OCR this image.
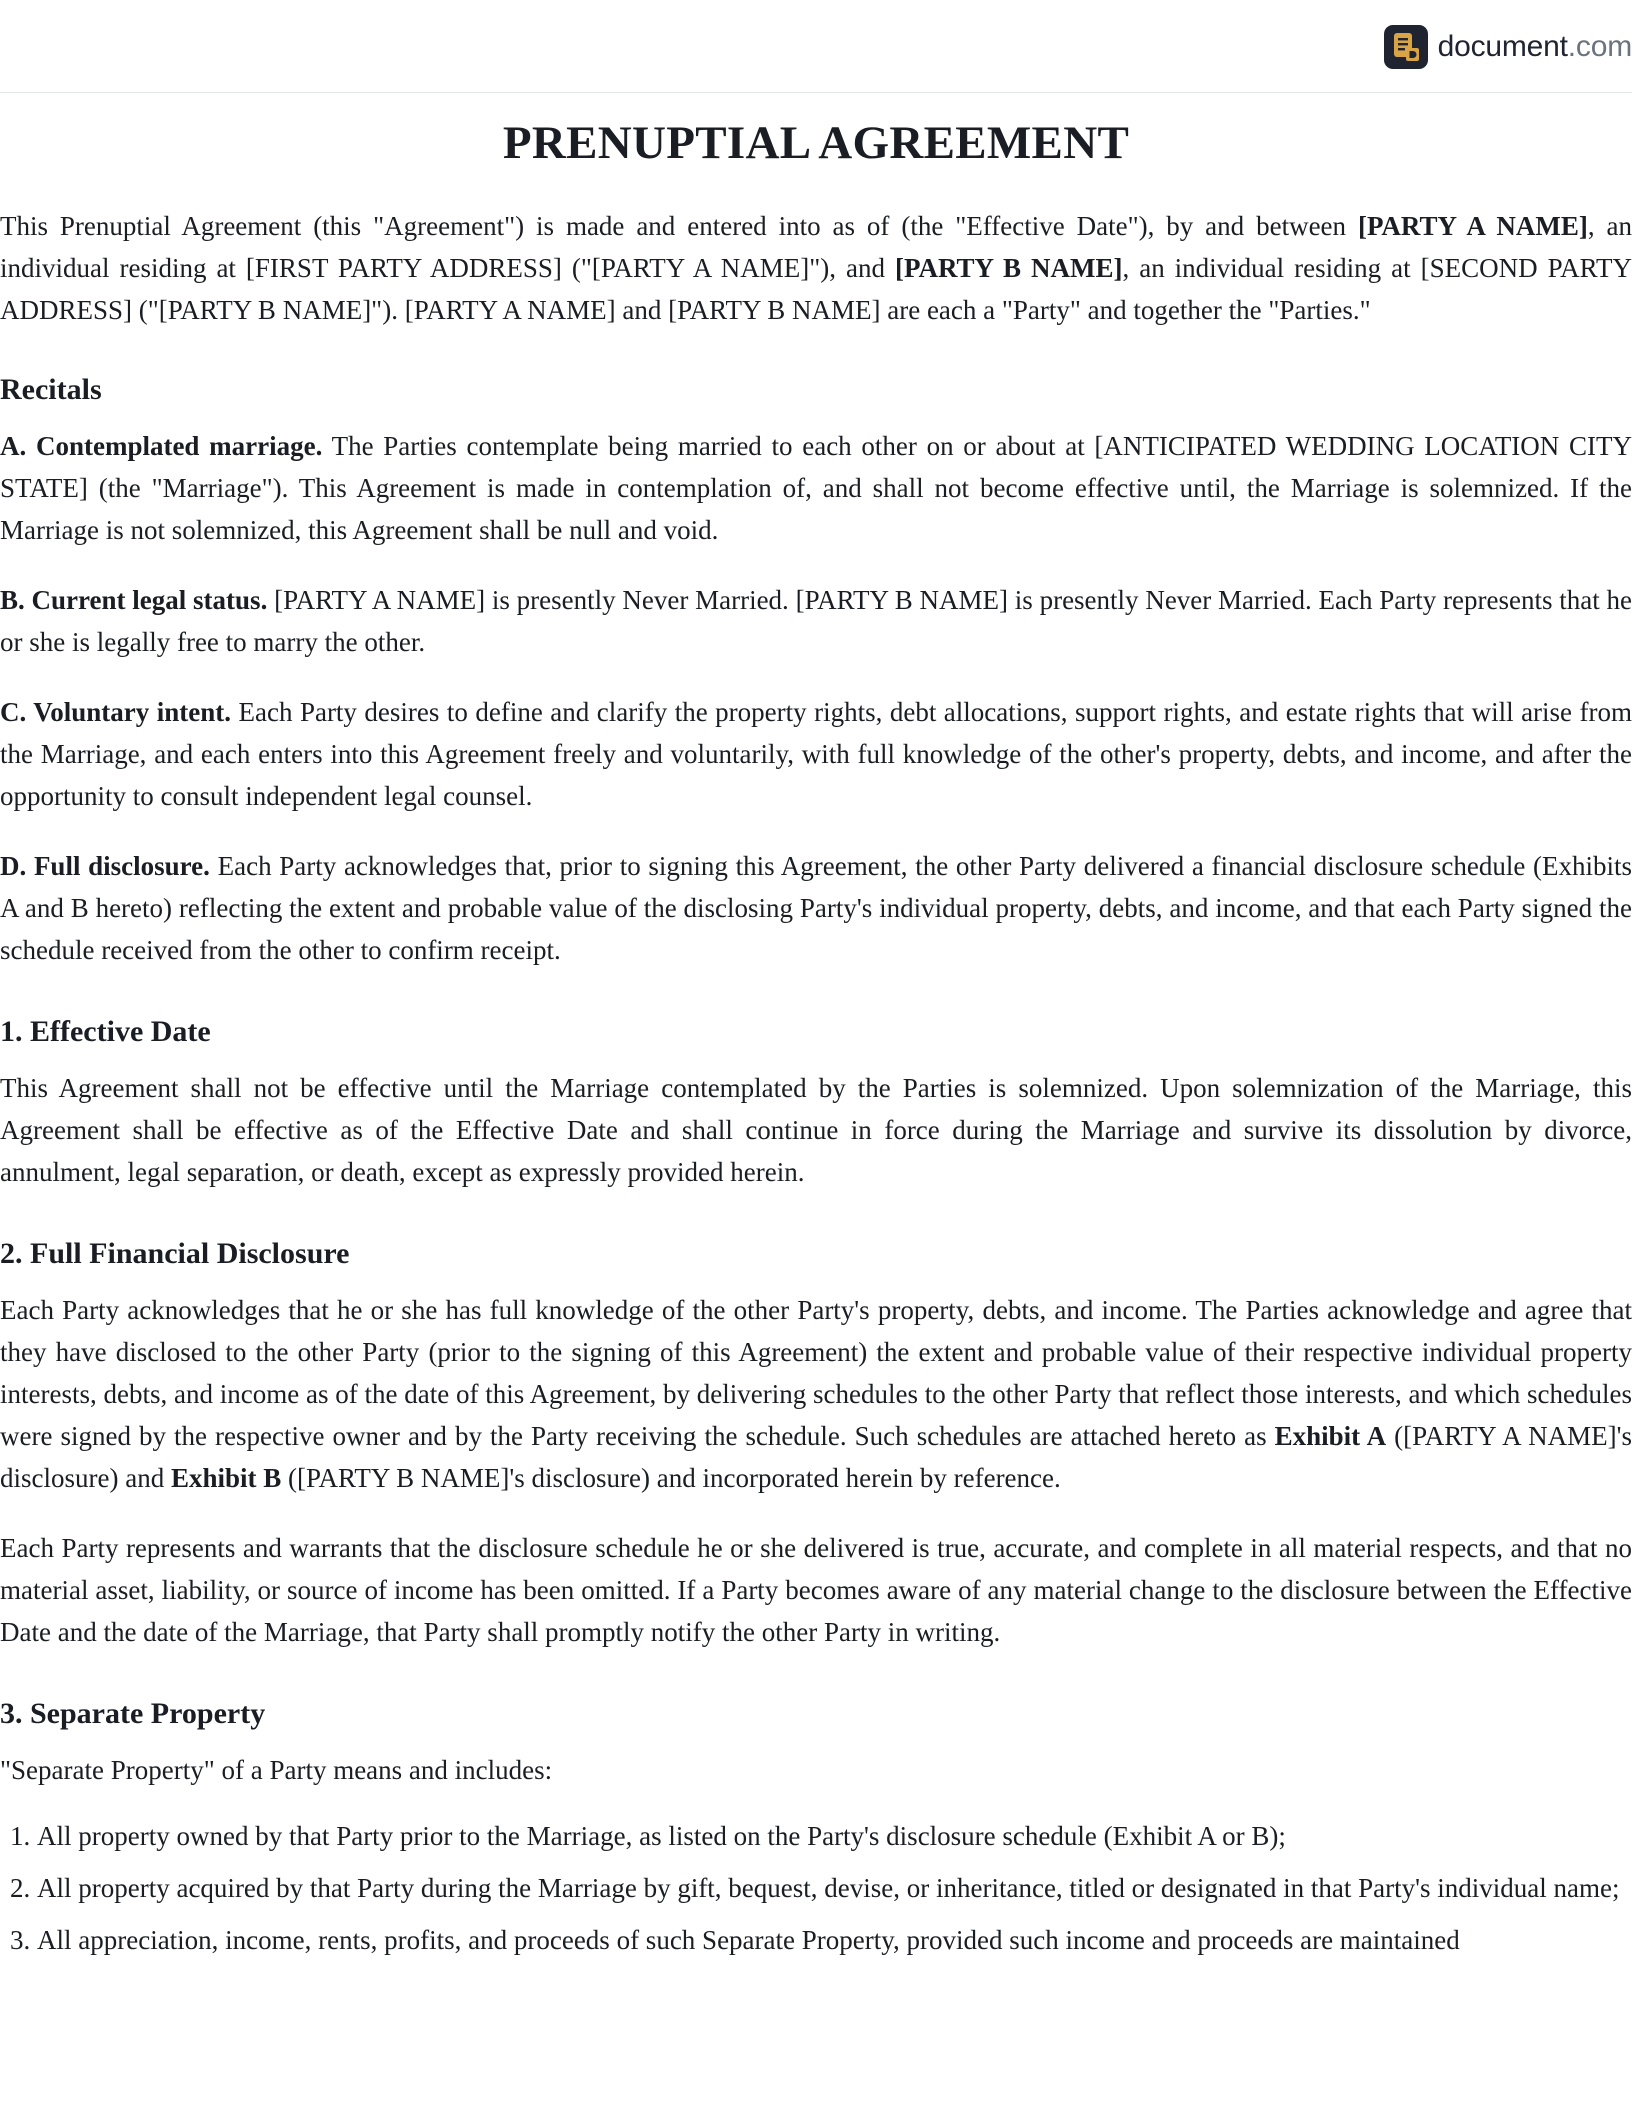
document.com
PRENUPTIAL AGREEMENT

This Prenuptial Agreement (this "Agreement") is made and entered into as of (the "Effective Date"), by and between [PARTY A NAME], an individual residing at [FIRST PARTY ADDRESS] ("[PARTY A NAME]"), and [PARTY B NAME], an individual residing at [SECOND PARTY ADDRESS] ("[PARTY B NAME]"). [PARTY A NAME] and [PARTY B NAME] are each a "Party" and together the "Parties."

Recitals

A. Contemplated marriage. The Parties contemplate being married to each other on or about at [ANTICIPATED WEDDING LOCATION CITY STATE] (the "Marriage"). This Agreement is made in contemplation of, and shall not become effective until, the Marriage is solemnized. If the Marriage is not solemnized, this Agreement shall be null and void.

B. Current legal status. [PARTY A NAME] is presently Never Married. [PARTY B NAME] is presently Never Married. Each Party represents that he or she is legally free to marry the other.

C. Voluntary intent. Each Party desires to define and clarify the property rights, debt allocations, support rights, and estate rights that will arise from the Marriage, and each enters into this Agreement freely and voluntarily, with full knowledge of the other's property, debts, and income, and after the opportunity to consult independent legal counsel.

D. Full disclosure. Each Party acknowledges that, prior to signing this Agreement, the other Party delivered a financial disclosure schedule (Exhibits A and B hereto) reflecting the extent and probable value of the disclosing Party's individual property, debts, and income, and that each Party signed the schedule received from the other to confirm receipt.

1. Effective Date

This Agreement shall not be effective until the Marriage contemplated by the Parties is solemnized. Upon solemnization of the Marriage, this Agreement shall be effective as of the Effective Date and shall continue in force during the Marriage and survive its dissolution by divorce, annulment, legal separation, or death, except as expressly provided herein.

2. Full Financial Disclosure

Each Party acknowledges that he or she has full knowledge of the other Party's property, debts, and income. The Parties acknowledge and agree that they have disclosed to the other Party (prior to the signing of this Agreement) the extent and probable value of their respective individual property interests, debts, and income as of the date of this Agreement, by delivering schedules to the other Party that reflect those interests, and which schedules were signed by the respective owner and by the Party receiving the schedule. Such schedules are attached hereto as Exhibit A ([PARTY A NAME]'s disclosure) and Exhibit B ([PARTY B NAME]'s disclosure) and incorporated herein by reference.

Each Party represents and warrants that the disclosure schedule he or she delivered is true, accurate, and complete in all material respects, and that no material asset, liability, or source of income has been omitted. If a Party becomes aware of any material change to the disclosure between the Effective Date and the date of the Marriage, that Party shall promptly notify the other Party in writing.

3. Separate Property

"Separate Property" of a Party means and includes:

1. All property owned by that Party prior to the Marriage, as listed on the Party's disclosure schedule (Exhibit A or B);
2. All property acquired by that Party during the Marriage by gift, bequest, devise, or inheritance, titled or designated in that Party's individual name;
3. All appreciation, income, rents, profits, and proceeds of such Separate Property, provided such income and proceeds are maintained
